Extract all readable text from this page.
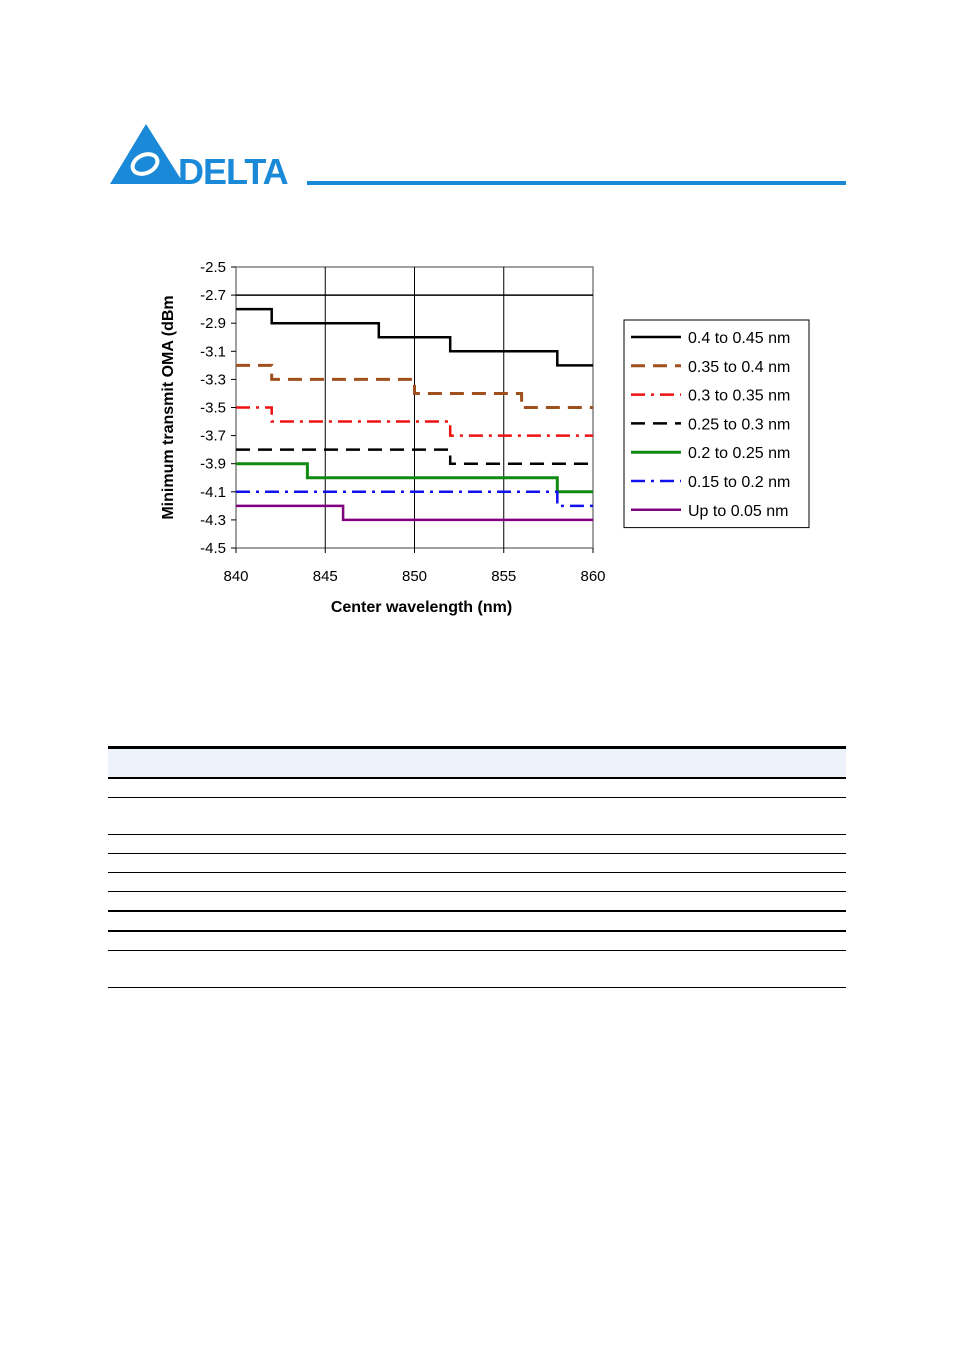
DELTA
-2.5
-2.7
-2.9
-3.1
-3.3
-3.5
-3.7
-3.9
-4.1
-4.3
-4.5
840	845	850	855	860
Center wavelength (nm)
Minimum transmit OMA (dBm	0.4 to 0.45 nm
0.35 to 0.4 nm
0.3 to 0.35 nm
0.25 to 0.3 nm
0.2 to 0.25 nm
0.15 to 0.2 nm
Up to 0.05 nm
